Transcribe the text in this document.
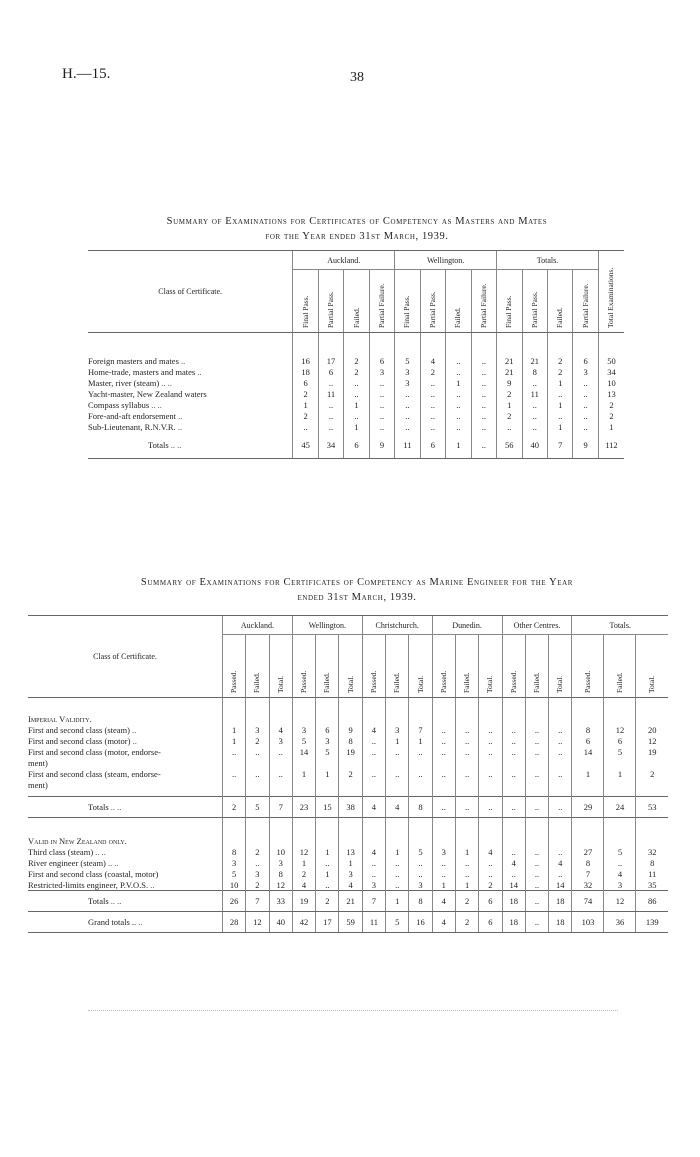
H.—15.	38
Summary of Examinations for Certificates of Competency as Masters and Mates
for the Year ended 31st March, 1939.
Class of Certificate.	Auckland.				Wellington.				Totals.				Total Examinations.

	Final Pass.	Partial Pass.	Failed.	Partial Failure.	Final Pass.	Partial Pass.	Failed.	Partial Failure.	Final Pass.	Partial Pass.	Failed.	Partial Failure.	

Foreign masters and mates ..	16	17	2	6	5	4	..	..	21	21	2	6	50
Home-trade, masters and mates ..	18	6	2	3	3	2	..	..	21	8	2	3	34
Master, river (steam) .. ..	6	..	..	..	3	..	1	..	9	..	1	..	10
Yacht-master, New Zealand waters	2	11	..	..	..	..	..	..	2	11	..	..	13
Compass syllabus .. ..	1	..	1	..	..	..	..	..	1	..	1	..	2
Fore-and-aft endorsement ..	2	..	..	..	..	..	..	..	2	..	..	..	2
Sub-Lieutenant, R.N.V.R. ..	..	..	1	..	..	..	..	..	..	..	1	..	1
Totals .. ..	45	34	6	9	11	6	1	..	56	40	7	9	112
Summary of Examinations for Certificates of Competency as Marine Engineer for the Year
ended 31st March, 1939.
Class of Certificate.	Auckland.			Wellington.			Christchurch.			Dunedin.			Other Centres.			Totals.		

	Passed.	Failed.	Total.	Passed.	Failed.	Total.	Passed.	Failed.	Total.	Passed.	Failed.	Total.	Passed.	Failed.	Total.	Passed.	Failed.	Total.

Imperial Validity.																		
First and second class (steam) ..	1	3	4	3	6	9	4	3	7	..	..	..	..	..	..	8	12	20
First and second class (motor) ..	1	2	3	5	3	8	..	1	1	..	..	..	..	..	..	6	6	12
First and second class (motor, endorse-	..	..	..	14	5	19	..	..	..	..	..	..	..	..	..	14	5	19
ment)																		
First and second class (steam, endorse-	..	..	..	1	1	2	..	..	..	..	..	..	..	..	..	1	1	2
ment)																		

Totals .. ..	2	5	7	23	15	38	4	4	8	..	..	..	..	..	..	29	24	53

Valid in New Zealand only.																		
Third class (steam) .. ..	8	2	10	12	1	13	4	1	5	3	1	4	..	..	..	27	5	32
River engineer (steam) .. ..	3	..	3	1	..	1	..	..	..	..	..	..	4	..	4	8	..	8
First and second class (coastal, motor)	5	3	8	2	1	3	..	..	..	..	..	..	..	..	..	7	4	11
Restricted-limits engineer, P.V.O.S. ..	10	2	12	4	..	4	3	..	3	1	1	2	14	..	14	32	3	35
Totals .. ..	26	7	33	19	2	21	7	1	8	4	2	6	18	..	18	74	12	86
Grand totals .. ..	28	12	40	42	17	59	11	5	16	4	2	6	18	..	18	103	36	139
